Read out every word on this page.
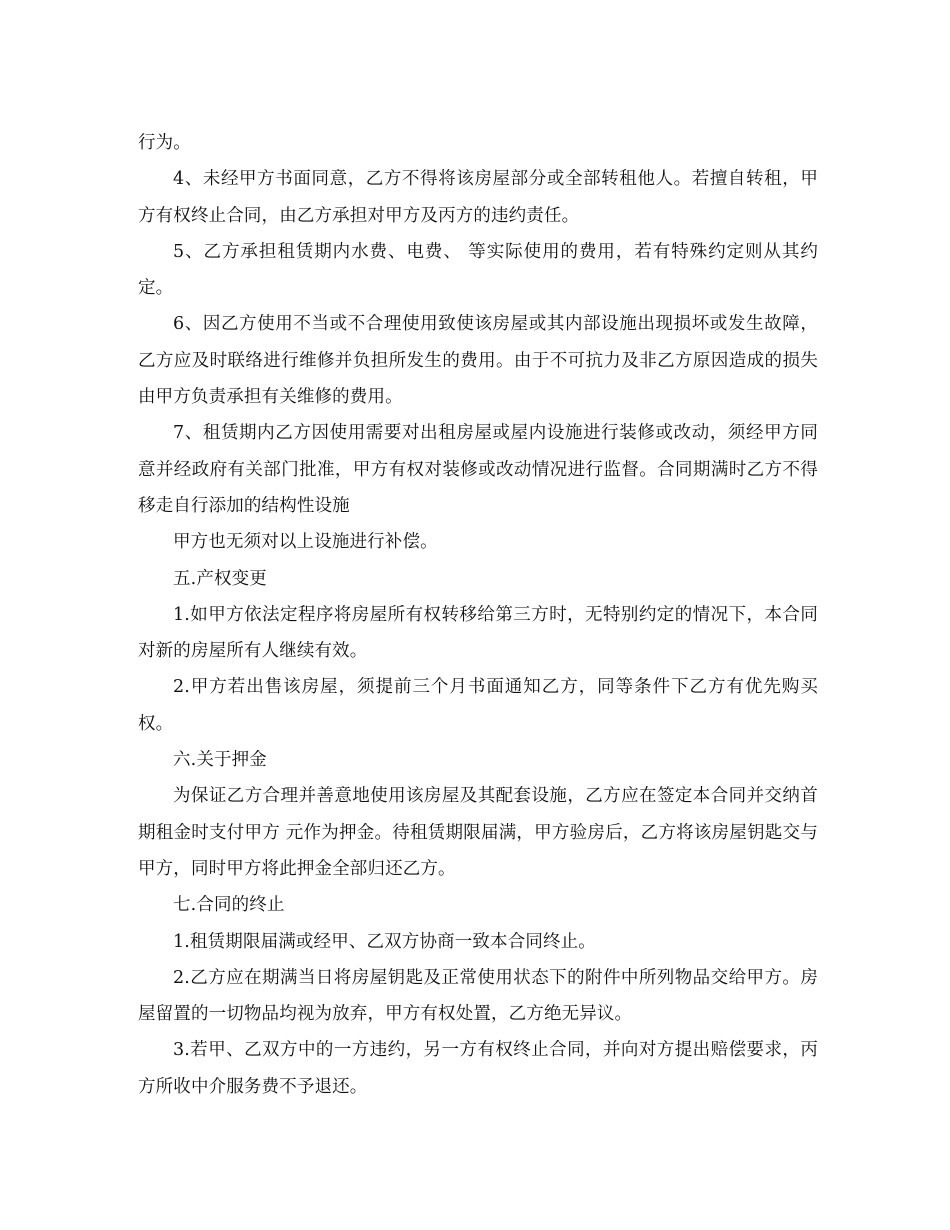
行为。

4、未经甲方书面同意，乙方不得将该房屋部分或全部转租他人。若擅自转租，甲方有权终止合同，由乙方承担对甲方及丙方的违约责任。

5、乙方承担租赁期内水费、电费、 等实际使用的费用，若有特殊约定则从其约定。

6、因乙方使用不当或不合理使用致使该房屋或其内部设施出现损坏或发生故障，乙方应及时联络进行维修并负担所发生的费用。由于不可抗力及非乙方原因造成的损失由甲方负责承担有关维修的费用。

7、租赁期内乙方因使用需要对出租房屋或屋内设施进行装修或改动，须经甲方同意并经政府有关部门批准，甲方有权对装修或改动情况进行监督。合同期满时乙方不得移走自行添加的结构性设施

甲方也无须对以上设施进行补偿。

五.产权变更

1.如甲方依法定程序将房屋所有权转移给第三方时，无特别约定的情况下，本合同对新的房屋所有人继续有效。

2.甲方若出售该房屋，须提前三个月书面通知乙方，同等条件下乙方有优先购买权。

六.关于押金

为保证乙方合理并善意地使用该房屋及其配套设施，乙方应在签定本合同并交纳首期租金时支付甲方 元作为押金。待租赁期限届满，甲方验房后，乙方将该房屋钥匙交与甲方，同时甲方将此押金全部归还乙方。

七.合同的终止

1.租赁期限届满或经甲、乙双方协商一致本合同终止。

2.乙方应在期满当日将房屋钥匙及正常使用状态下的附件中所列物品交给甲方。房屋留置的一切物品均视为放弃，甲方有权处置，乙方绝无异议。

3.若甲、乙双方中的一方违约，另一方有权终止合同，并向对方提出赔偿要求，丙方所收中介服务费不予退还。
